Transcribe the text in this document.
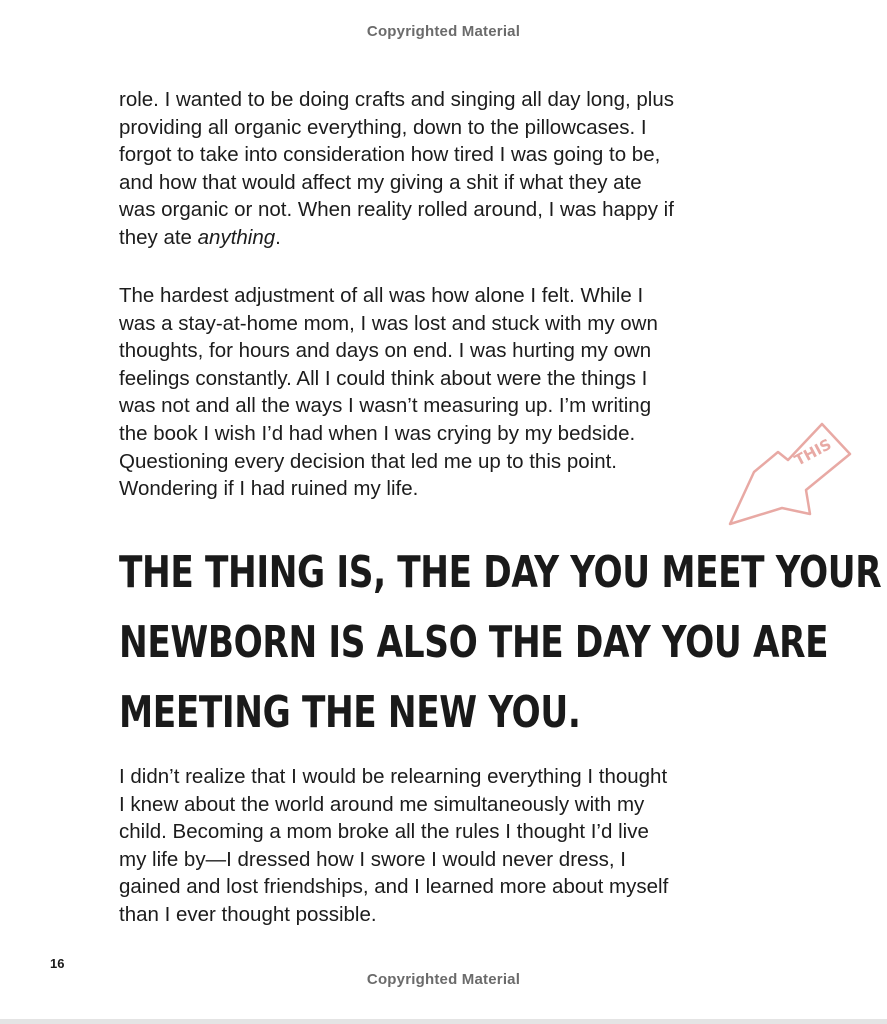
Copyrighted Material

role. I wanted to be doing crafts and singing all day long, plus
providing all organic everything, down to the pillowcases. I
forgot to take into consideration how tired I was going to be,
and how that would affect my giving a shit if what they ate
was organic or not. When reality rolled around, I was happy if
they ate anything.

The hardest adjustment of all was how alone I felt. While I
was a stay-at-home mom, I was lost and stuck with my own
thoughts, for hours and days on end. I was hurting my own
feelings constantly. All I could think about were the things I
was not and all the ways I wasn’t measuring up. I’m writing
the book I wish I’d had when I was crying by my bedside.
Questioning every decision that led me up to this point.
Wondering if I had ruined my life.

THIS
THE THING IS, THE DAY YOU MEET YOUR
NEWBORN IS ALSO THE DAY YOU ARE
MEETING THE NEW YOU.

I didn’t realize that I would be relearning everything I thought
I knew about the world around me simultaneously with my
child. Becoming a mom broke all the rules I thought I’d live
my life by—I dressed how I swore I would never dress, I
gained and lost friendships, and I learned more about myself
than I ever thought possible.

16
Copyrighted Material
